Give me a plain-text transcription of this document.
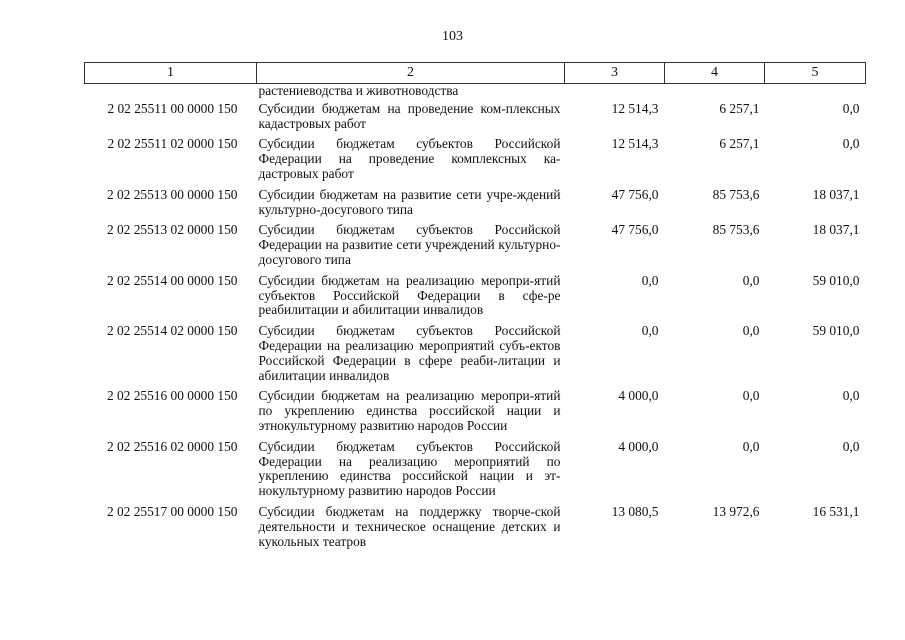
103
1	2	3	4	5
	растениеводства и животноводства			
2 02 25511 00 0000 150	Субсидии бюджетам на проведение ком-плексных кадастровых работ	12 514,3	6 257,1	0,0
2 02 25511 02 0000 150	Субсидии бюджетам субъектов Российской Федерации на проведение комплексных ка-дастровых работ	12 514,3	6 257,1	0,0
2 02 25513 00 0000 150	Субсидии бюджетам на развитие сети учре-ждений культурно-досугового типа	47 756,0	85 753,6	18 037,1
2 02 25513 02 0000 150	Субсидии бюджетам субъектов Российской Федерации на развитие сети учреждений культурно-досугового типа	47 756,0	85 753,6	18 037,1
2 02 25514 00 0000 150	Субсидии бюджетам на реализацию меропри-ятий субъектов Российской Федерации в сфе-ре реабилитации и абилитации инвалидов	0,0	0,0	59 010,0
2 02 25514 02 0000 150	Субсидии бюджетам субъектов Российской Федерации на реализацию мероприятий субъ-ектов Российской Федерации в сфере реаби-литации и абилитации инвалидов	0,0	0,0	59 010,0
2 02 25516 00 0000 150	Субсидии бюджетам на реализацию меропри-ятий по укреплению единства российской нации и этнокультурному развитию народов России	4 000,0	0,0	0,0
2 02 25516 02 0000 150	Субсидии бюджетам субъектов Российской Федерации на реализацию мероприятий по укреплению единства российской нации и эт-нокультурному развитию народов России	4 000,0	0,0	0,0
2 02 25517 00 0000 150	Субсидии бюджетам на поддержку творче-ской деятельности и техническое оснащение детских и кукольных театров	13 080,5	13 972,6	16 531,1
